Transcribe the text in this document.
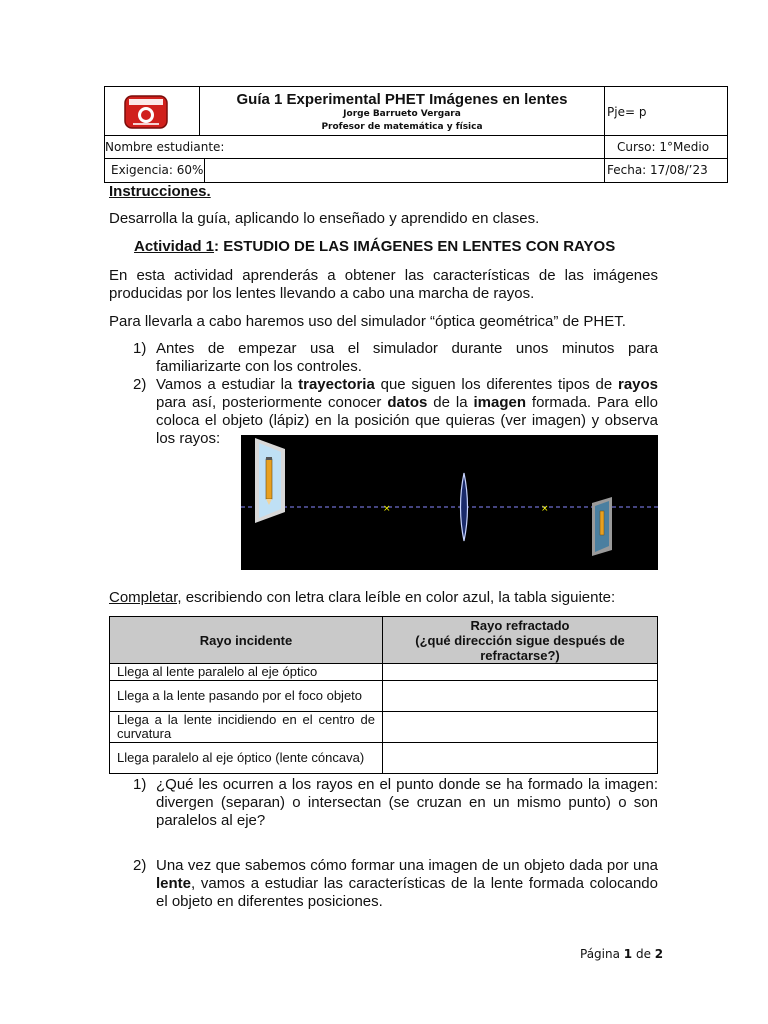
Guía 1 Experimental PHET Imágenes en lentes
Jorge Barrueto Vergara
Profesor de matemática y física
Pje= p
Nombre estudiante:	Curso: 1°Medio
Exigencia: 60%	Fecha: 17/08/’23
Instrucciones.
Desarrolla la guía, aplicando lo enseñado y aprendido en clases.
Actividad 1: ESTUDIO DE LAS IMÁGENES EN LENTES CON RAYOS
En esta actividad aprenderás a obtener las características de las imágenes producidas por los lentes llevando a cabo una marcha de rayos.
Para llevarla a cabo haremos uso del simulador “óptica geométrica” de PHET.
1) Antes de empezar usa el simulador durante unos minutos para familiarizarte con los controles.
2) Vamos a estudiar la trayectoria que siguen los diferentes tipos de rayos para así, posteriormente conocer datos de la imagen formada. Para ello coloca el objeto (lápiz) en la posición que quieras (ver imagen) y observa los rayos:
×	×
Completar, escribiendo con letra clara leíble en color azul, la tabla siguiente:
Rayo incidente	Rayo refractado
(¿qué dirección sigue después de
refractarse?)
Llega al lente paralelo al eje óptico	
Llega a la lente pasando por el foco objeto	
Llega a la lente incidiendo en el centro de curvatura	
Llega paralelo al eje óptico (lente cóncava)	
1) ¿Qué les ocurren a los rayos en el punto donde se ha formado la imagen: divergen (separan) o intersectan (se cruzan en un mismo punto) o son paralelos al eje?
2) Una vez que sabemos cómo formar una imagen de un objeto dada por una lente, vamos a estudiar las características de la lente formada colocando el objeto en diferentes posiciones.
Página 1 de 2
